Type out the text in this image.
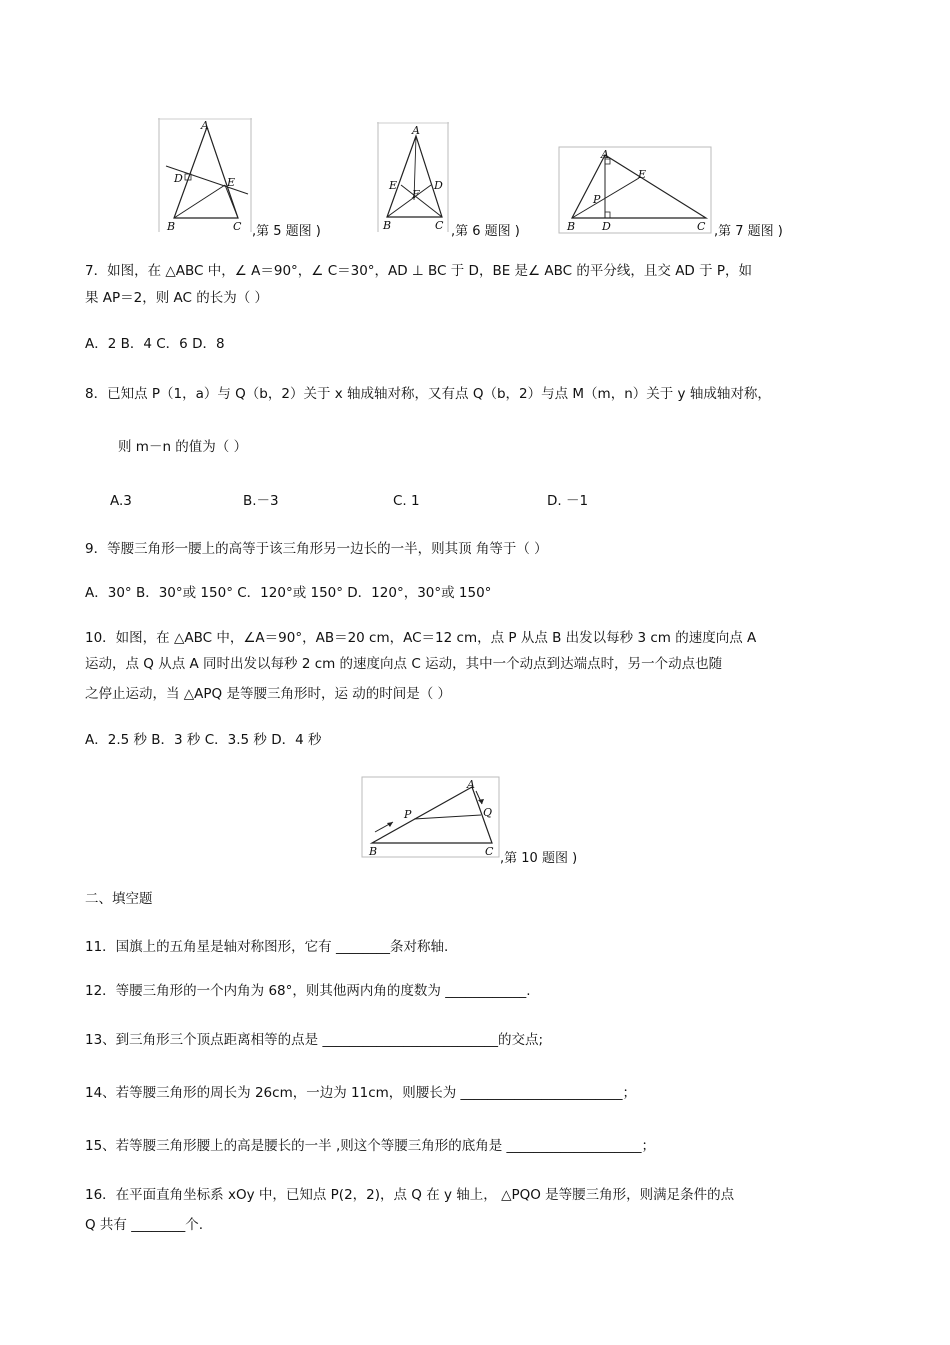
A
B	C
D	E
,第 5 题图 )
A
E	D
F
B	C ,第 6 题图 )
A
E
P
B D	C ,第 7 题图 )
7．如图，在 △ABC 中，∠ A＝90°，∠ C＝30°，AD ⊥ BC 于 D，BE 是∠ ABC 的平分线，且交 AD 于 P，如
果 AP＝2，则 AC 的长为（ ）
A．2 B．4 C．6 D．8
8．已知点 P（1，a）与 Q（b，2）关于 x 轴成轴对称，又有点 Q（b，2）与点 M（m，n）关于 y 轴成轴对称，
则 m－n 的值为（ ）
A.3	B.－3	C. 1	D. －1
9．等腰三角形一腰上的高等于该三角形另一边长的一半，则其顶 角等于（ ）
A．30° B．30°或 150° C．120°或 150° D．120°，30°或 150°
10．如图，在 △ABC 中，∠A＝90°，AB＝20 cm，AC＝12 cm，点 P 从点 B 出发以每秒 3 cm 的速度向点 A
运动，点 Q 从点 A 同时出发以每秒 2 cm 的速度向点 C 运动，其中一个动点到达端点时，另一个动点也随
之停止运动，当 △APQ 是等腰三角形时，运 动的时间是（ ）
A．2.5 秒 B．3 秒 C．3.5 秒 D．4 秒
A
P	Q
B	C ,第 10 题图 )
二、填空题
11．国旗上的五角星是轴对称图形，它有 ________条对称轴.
12．等腰三角形的一个内角为 68°，则其他两内角的度数为 ____________.
13、到三角形三个顶点距离相等的点是 __________________________的交点;
14、若等腰三角形的周长为 26cm，一边为 11cm，则腰长为 ________________________；
15、若等腰三角形腰上的高是腰长的一半 ,则这个等腰三角形的底角是 ____________________；
16．在平面直角坐标系 xOy 中，已知点 P(2，2)，点 Q 在 y 轴上， △PQO 是等腰三角形，则满足条件的点
Q 共有 ________个.
